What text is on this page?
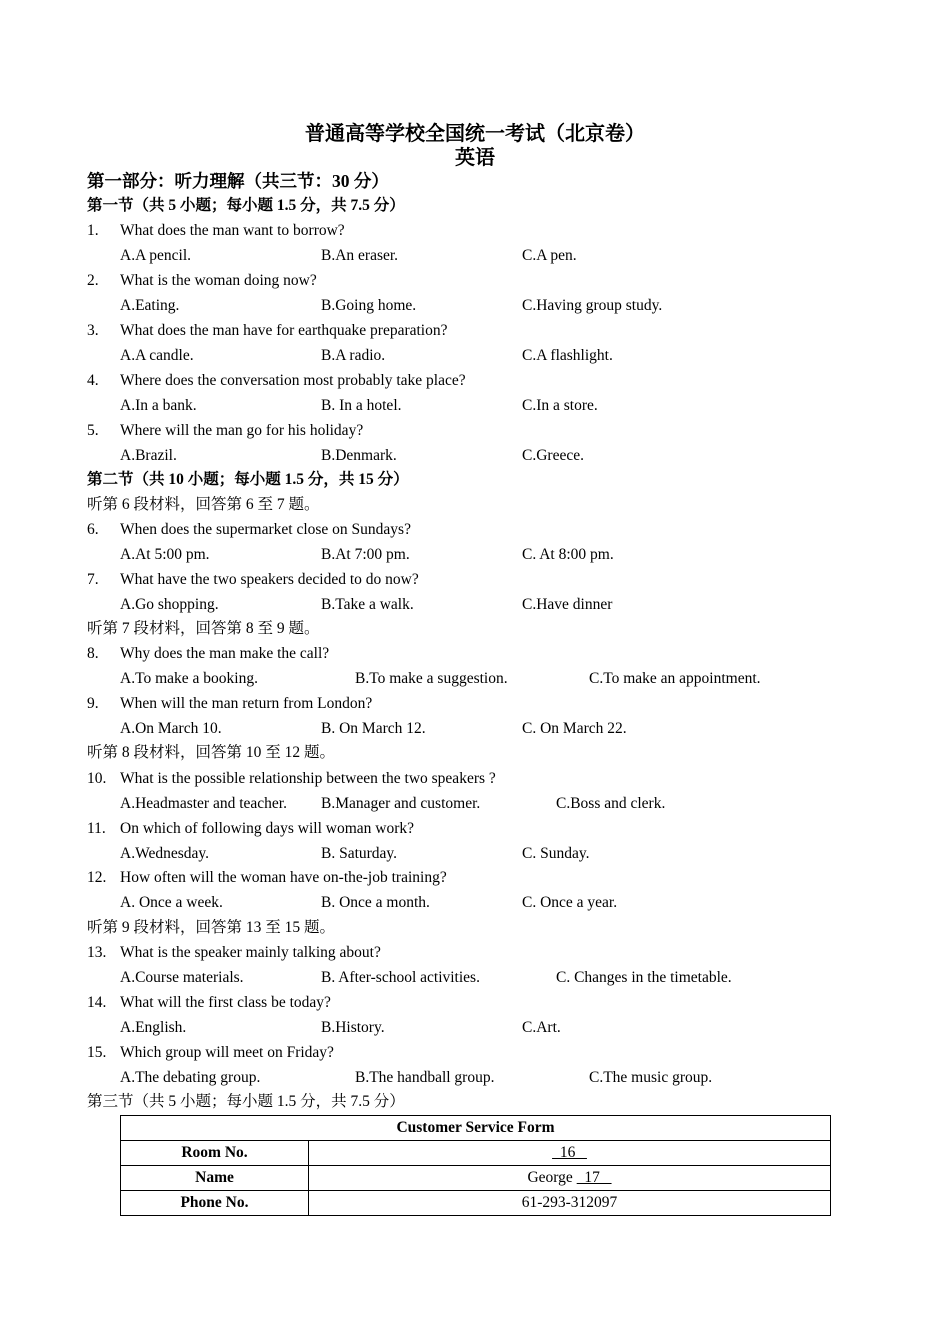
普通高等学校全国统一考试（北京卷）
英语
第一部分：听力理解（共三节：30 分）
第一节（共 5 小题；每小题 1.5 分，共 7.5 分）
1. What does the man want to borrow?
A.A pencil.	B.An eraser.	C.A pen.
2. What is the woman doing now?
A.Eating.	B.Going home.	C.Having group study.
3. What does the man have for earthquake preparation?
A.A candle.	B.A radio.	C.A flashlight.
4. Where does the conversation most probably take place?
A.In a bank.	B. In a hotel.	C.In a store.
5. Where will the man go for his holiday?
A.Brazil.	B.Denmark.	C.Greece.
第二节（共 10 小题；每小题 1.5 分，共 15 分）
听第 6 段材料，回答第 6 至 7 题。
6. When does the supermarket close on Sundays?
A.At 5:00 pm.	B.At 7:00 pm.	C. At 8:00 pm.
7. What have the two speakers decided to do now?
A.Go shopping.	B.Take a walk.	C.Have dinner
听第 7 段材料，回答第 8 至 9 题。
8. Why does the man make the call?
A.To make a booking.	B.To make a suggestion.	C.To make an appointment.
9. When will the man return from London?
A.On March 10.	B. On March 12.	C. On March 22.
听第 8 段材料，回答第 10 至 12 题。
10. What is the possible relationship between the two speakers ?
A.Headmaster and teacher. B.Manager and customer.	C.Boss and clerk.
11. On which of following days will woman work?
A.Wednesday.	B. Saturday.	C. Sunday.
12. How often will the woman have on-the-job training?
A. Once a week.	B. Once a month.	C. Once a year.
听第 9 段材料，回答第 13 至 15 题。
13. What is the speaker mainly talking about?
A.Course materials.	B. After-school activities.	C. Changes in the timetable.
14. What will the first class be today?
A.English.	B.History.	C.Art.
15. Which group will meet on Friday?
A.The debating group.	B.The handball group.	C.The music group.
第三节（共 5 小题；每小题 1.5 分，共 7.5 分）
Customer Service Form	
Room No.	16
Name	George   17
Phone No.	61-293-312097
